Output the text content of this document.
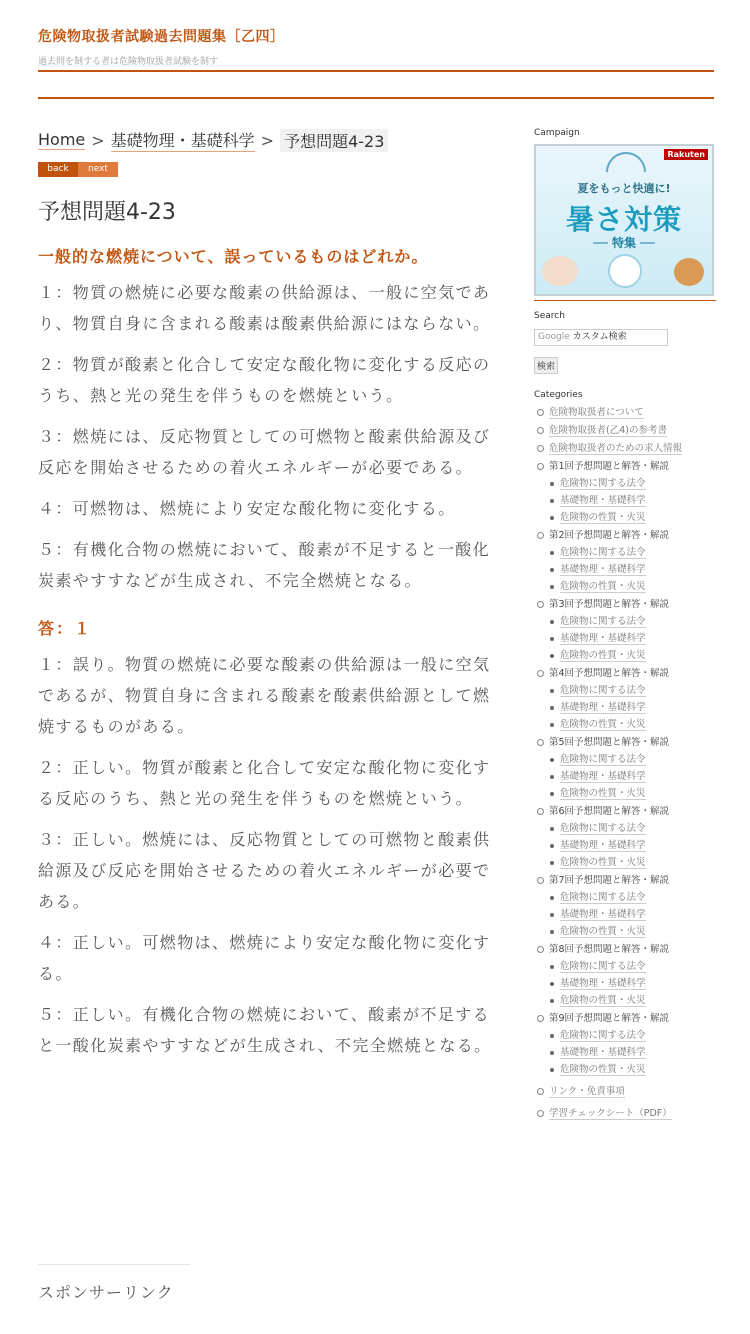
危険物取扱者試験過去問題集［乙四］
過去問を制する者は危険物取扱者試験を制す
Home > 基礎物理・基礎科学 > 予想問題4-23
back	next
予想問題4-23
一般的な燃焼について、誤っているものはどれか。

１：物質の燃焼に必要な酸素の供給源は、一般に空気であり、物質自身に含まれる酸素は酸素供給源にはならない。

２：物質が酸素と化合して安定な酸化物に変化する反応のうち、熱と光の発生を伴うものを燃焼という。

３：燃焼には、反応物質としての可燃物と酸素供給源及び反応を開始させるための着火エネルギーが必要である。

４：可燃物は、燃焼により安定な酸化物に変化する。

５：有機化合物の燃焼において、酸素が不足すると一酸化炭素やすすなどが生成され、不完全燃焼となる。

答：１

１：誤り。物質の燃焼に必要な酸素の供給源は一般に空気であるが、物質自身に含まれる酸素を酸素供給源として燃焼するものがある。

２：正しい。物質が酸素と化合して安定な酸化物に変化する反応のうち、熱と光の発生を伴うものを燃焼という。

３：正しい。燃焼には、反応物質としての可燃物と酸素供給源及び反応を開始させるための着火エネルギーが必要である。

４：正しい。可燃物は、燃焼により安定な酸化物に変化する。

５：正しい。有機化合物の燃焼において、酸素が不足すると一酸化炭素やすすなどが生成され、不完全燃焼となる。

スポンサーリンク
Campaign
Rakuten
夏をもっと快適に!
暑さ対策
── 特集 ──
Search
Google カスタム検索
検索
Categories
危険物取扱者について
危険物取扱者(乙4)の参考書
危険物取扱者のための求人情報
第1回予想問題と解答・解説
危険物に関する法令
基礎物理・基礎科学
危険物の性質・火災
第2回予想問題と解答・解説
危険物に関する法令
基礎物理・基礎科学
危険物の性質・火災
第3回予想問題と解答・解説
危険物に関する法令
基礎物理・基礎科学
危険物の性質・火災
第4回予想問題と解答・解説
危険物に関する法令
基礎物理・基礎科学
危険物の性質・火災
第5回予想問題と解答・解説
危険物に関する法令
基礎物理・基礎科学
危険物の性質・火災
第6回予想問題と解答・解説
危険物に関する法令
基礎物理・基礎科学
危険物の性質・火災
第7回予想問題と解答・解説
危険物に関する法令
基礎物理・基礎科学
危険物の性質・火災
第8回予想問題と解答・解説
危険物に関する法令
基礎物理・基礎科学
危険物の性質・火災
第9回予想問題と解答・解説
危険物に関する法令
基礎物理・基礎科学
危険物の性質・火災
リンク・免責事項
学習チェックシート（PDF）
